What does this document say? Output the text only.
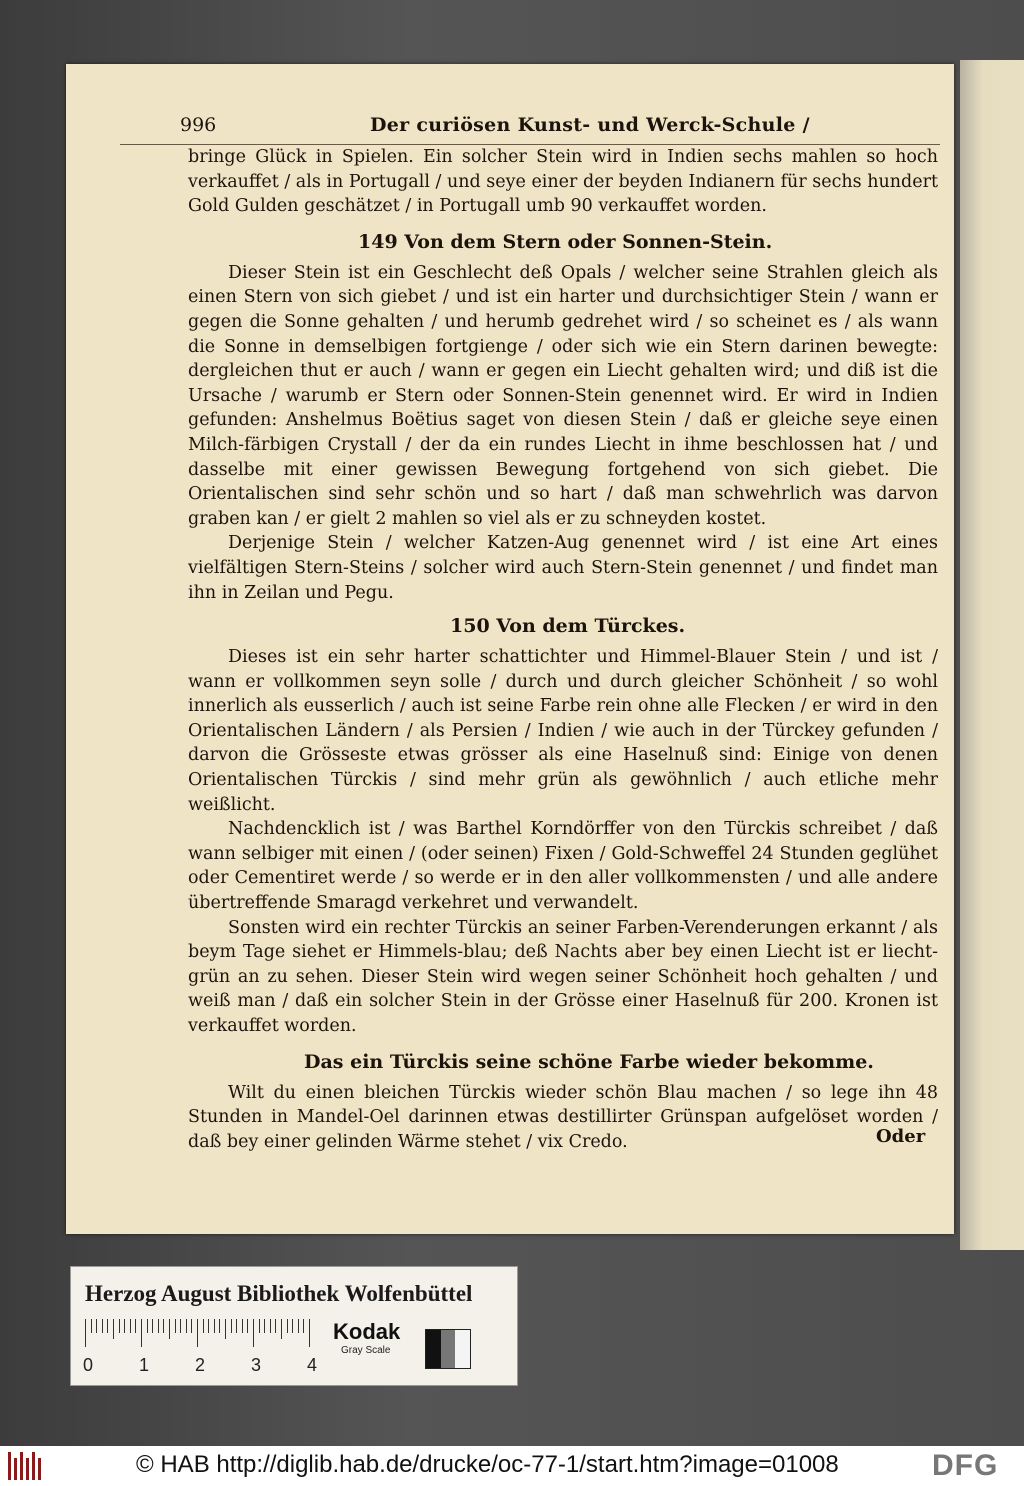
996	Der curiösen Kunst- und Werck-Schule /

bringe Glück in Spielen. Ein solcher Stein wird in Indien sechs mahlen so hoch verkauffet / als in Portugall / und seye einer der beyden Indianern für sechs hundert Gold Gulden geschätzet / in Portugall umb 90 verkauffet worden.

149 Von dem Stern oder Sonnen-Stein.

Dieser Stein ist ein Geschlecht deß Opals / welcher seine Strahlen gleich als einen Stern von sich giebet / und ist ein harter und durchsichtiger Stein / wann er gegen die Sonne gehalten / und herumb gedrehet wird / so scheinet es / als wann die Sonne in demselbigen fortgienge / oder sich wie ein Stern darinen bewegte: dergleichen thut er auch / wann er gegen ein Liecht gehalten wird; und diß ist die Ursache / warumb er Stern oder Sonnen-Stein genennet wird. Er wird in Indien gefunden: Anshelmus Boëtius saget von diesen Stein / daß er gleiche seye einen Milch-färbigen Crystall / der da ein rundes Liecht in ihme beschlossen hat / und dasselbe mit einer gewissen Bewegung fortgehend von sich giebet. Die Orientalischen sind sehr schön und so hart / daß man schwehrlich was darvon graben kan / er gielt 2 mahlen so viel als er zu schneyden kostet.

Derjenige Stein / welcher Katzen-Aug genennet wird / ist eine Art eines vielfältigen Stern-Steins / solcher wird auch Stern-Stein genennet / und findet man ihn in Zeilan und Pegu.

150 Von dem Türckes.

Dieses ist ein sehr harter schattichter und Himmel-Blauer Stein / und ist / wann er vollkommen seyn solle / durch und durch gleicher Schönheit / so wohl innerlich als eusserlich / auch ist seine Farbe rein ohne alle Flecken / er wird in den Orientalischen Ländern / als Persien / Indien / wie auch in der Türckey gefunden / darvon die Grösseste etwas grösser als eine Haselnuß sind: Einige von denen Orientalischen Türckis / sind mehr grün als gewöhnlich / auch etliche mehr weißlicht.

Nachdencklich ist / was Barthel Korndörffer von den Türckis schreibet / daß wann selbiger mit einen / (oder seinen) Fixen / Gold-Schweffel 24 Stunden geglühet oder Cementiret werde / so werde er in den aller vollkommensten / und alle andere übertreffende Smaragd verkehret und verwandelt.

Sonsten wird ein rechter Türckis an seiner Farben-Verenderungen erkannt / als beym Tage siehet er Himmels-blau; deß Nachts aber bey einen Liecht ist er liecht-grün an zu sehen. Dieser Stein wird wegen seiner Schönheit hoch gehalten / und weiß man / daß ein solcher Stein in der Grösse einer Haselnuß für 200. Kronen ist verkauffet worden.

Das ein Türckis seine schöne Farbe wieder bekomme.

Wilt du einen bleichen Türckis wieder schön Blau machen / so lege ihn 48 Stunden in Mandel-Oel darinnen etwas destillirter Grünspan aufgelöset worden / daß bey einer gelinden Wärme stehet / vix Credo.	Oder
Herzog August Bibliothek Wolfenbüttel
0	1	2	3	4
Kodak
Gray Scale
© HAB http://diglib.hab.de/drucke/oc-77-1/start.htm?image=01008	DFG
